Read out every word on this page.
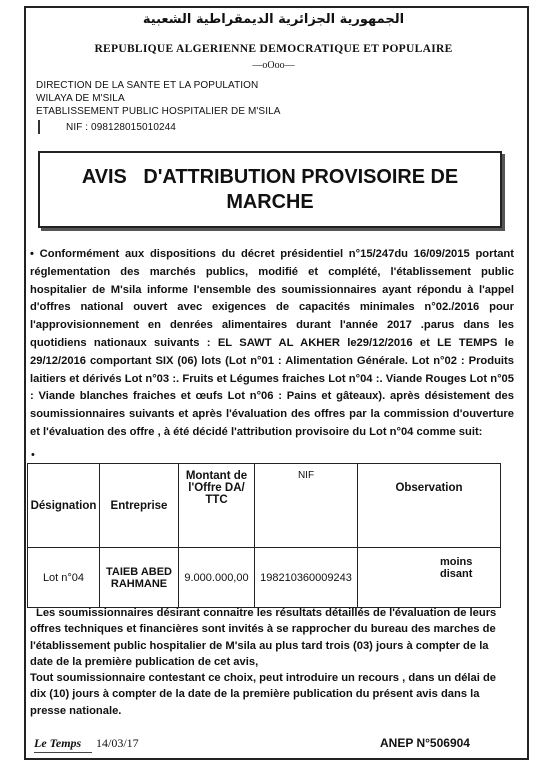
الجمهورية الجزائرية الديمقراطية الشعبية
REPUBLIQUE ALGERIENNE DEMOCRATIQUE ET POPULAIRE
—oOoo—
DIRECTION DE LA SANTE ET LA POPULATION
WILAYA DE M'SILA
ETABLISSEMENT PUBLIC HOSPITALIER DE M'SILA
NIF : 098128015010244
AVIS   D'ATTRIBUTION PROVISOIRE DE
MARCHE
• Conformément aux dispositions du décret présidentiel n°15/247du 16/09/2015 portant réglementation des marchés publics, modifié et complété, l'établissement public hospitalier de M'sila informe l'ensemble des soumissionnaires ayant répondu à l'appel d'offres national ouvert avec exigences de capacités minimales n°02./2016 pour l'approvisionnement en denrées alimentaires durant l'année 2017 .parus dans les quotidiens nationaux suivants : EL SAWT AL AKHER le29/12/2016 et LE TEMPS le 29/12/2016 comportant SIX (06) lots (Lot n°01 : Alimentation Générale. Lot n°02 : Produits laitiers et dérivés Lot n°03 :. Fruits et Légumes fraiches Lot n°04 :. Viande Rouges Lot n°05 : Viande blanches fraiches et œufs Lot n°06 : Pains et gâteaux). après désistement des soumissionnaires suivants et après l'évaluation des offres par la commission d'ouverture et l'évaluation des offre , à été décidé l'attribution provisoire du Lot n°04 comme suit:
•
Désignation	Entreprise	Montant de l'Offre DA/ TTC	NIF	Observation
Lot n°04	TAIEB ABED RAHMANE	9.000.000,00	198210360009243	moins disant
Les soumissionnaires désirant connaitre les résultats détaillés de l'évaluation de leurs offres techniques et financières sont invités à se rapprocher du bureau des marches de l'établissement public hospitalier de M'sila au plus tard trois (03) jours à compter de la date de la première publication de cet avis,
Tout soumissionnaire contestant ce choix, peut introduire un recours , dans un délai de dix (10) jours à compter de la date de la première publication du présent avis dans la presse nationale.
Le Temps 14/03/17	ANEP N°506904
